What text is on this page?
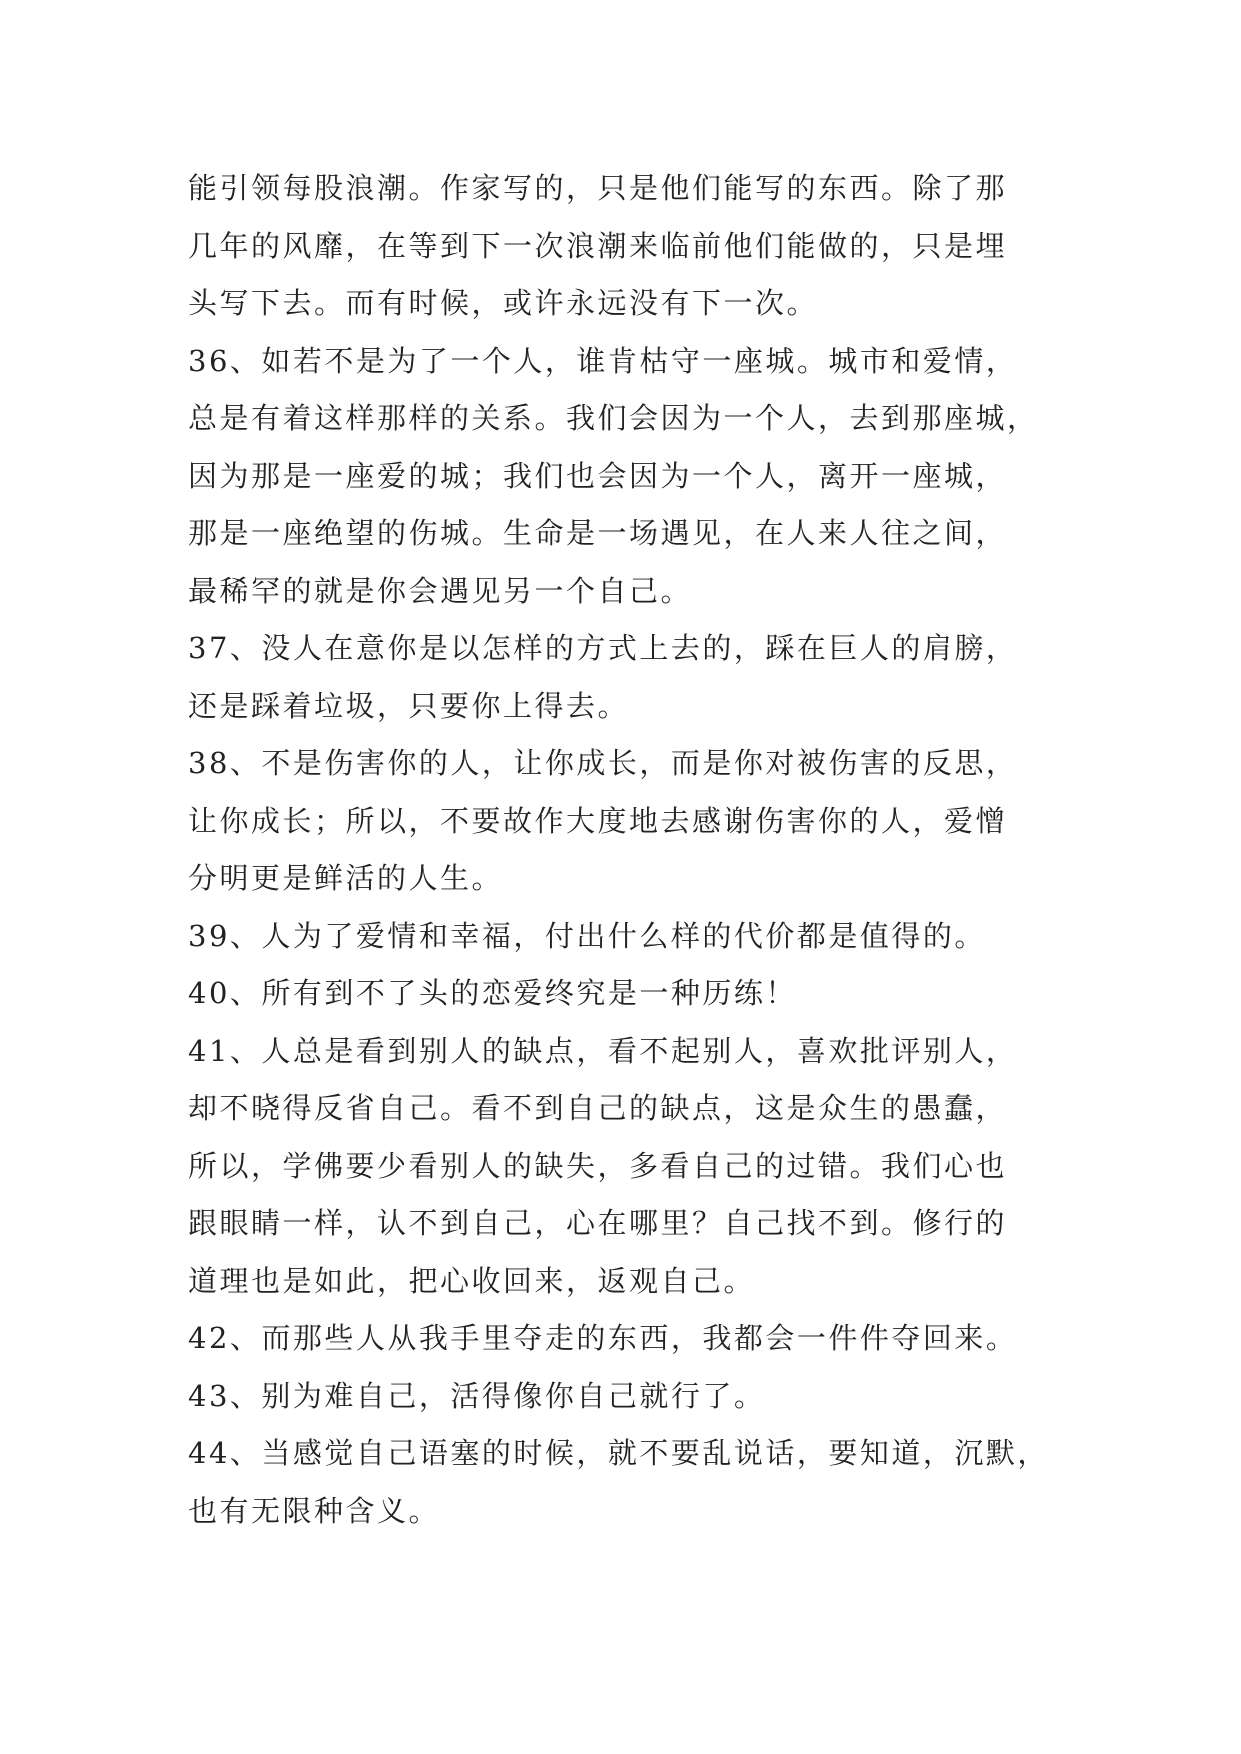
能引领每股浪潮。作家写的，只是他们能写的东西。除了那
几年的风靡，在等到下一次浪潮来临前他们能做的，只是埋
头写下去。而有时候，或许永远没有下一次。
36、如若不是为了一个人，谁肯枯守一座城。城市和爱情，
总是有着这样那样的关系。我们会因为一个人，去到那座城，
因为那是一座爱的城；我们也会因为一个人，离开一座城，
那是一座绝望的伤城。生命是一场遇见，在人来人往之间，
最稀罕的就是你会遇见另一个自己。
37、没人在意你是以怎样的方式上去的，踩在巨人的肩膀，
还是踩着垃圾，只要你上得去。
38、不是伤害你的人，让你成长，而是你对被伤害的反思，
让你成长；所以，不要故作大度地去感谢伤害你的人，爱憎
分明更是鲜活的人生。
39、人为了爱情和幸福，付出什么样的代价都是值得的。
40、所有到不了头的恋爱终究是一种历练！
41、人总是看到别人的缺点，看不起别人，喜欢批评别人，
却不晓得反省自己。看不到自己的缺点，这是众生的愚蠢，
所以，学佛要少看别人的缺失，多看自己的过错。我们心也
跟眼睛一样，认不到自己，心在哪里？自己找不到。修行的
道理也是如此，把心收回来，返观自己。
42、而那些人从我手里夺走的东西，我都会一件件夺回来。
43、别为难自己，活得像你自己就行了。
44、当感觉自己语塞的时候，就不要乱说话，要知道，沉默，
也有无限种含义。
